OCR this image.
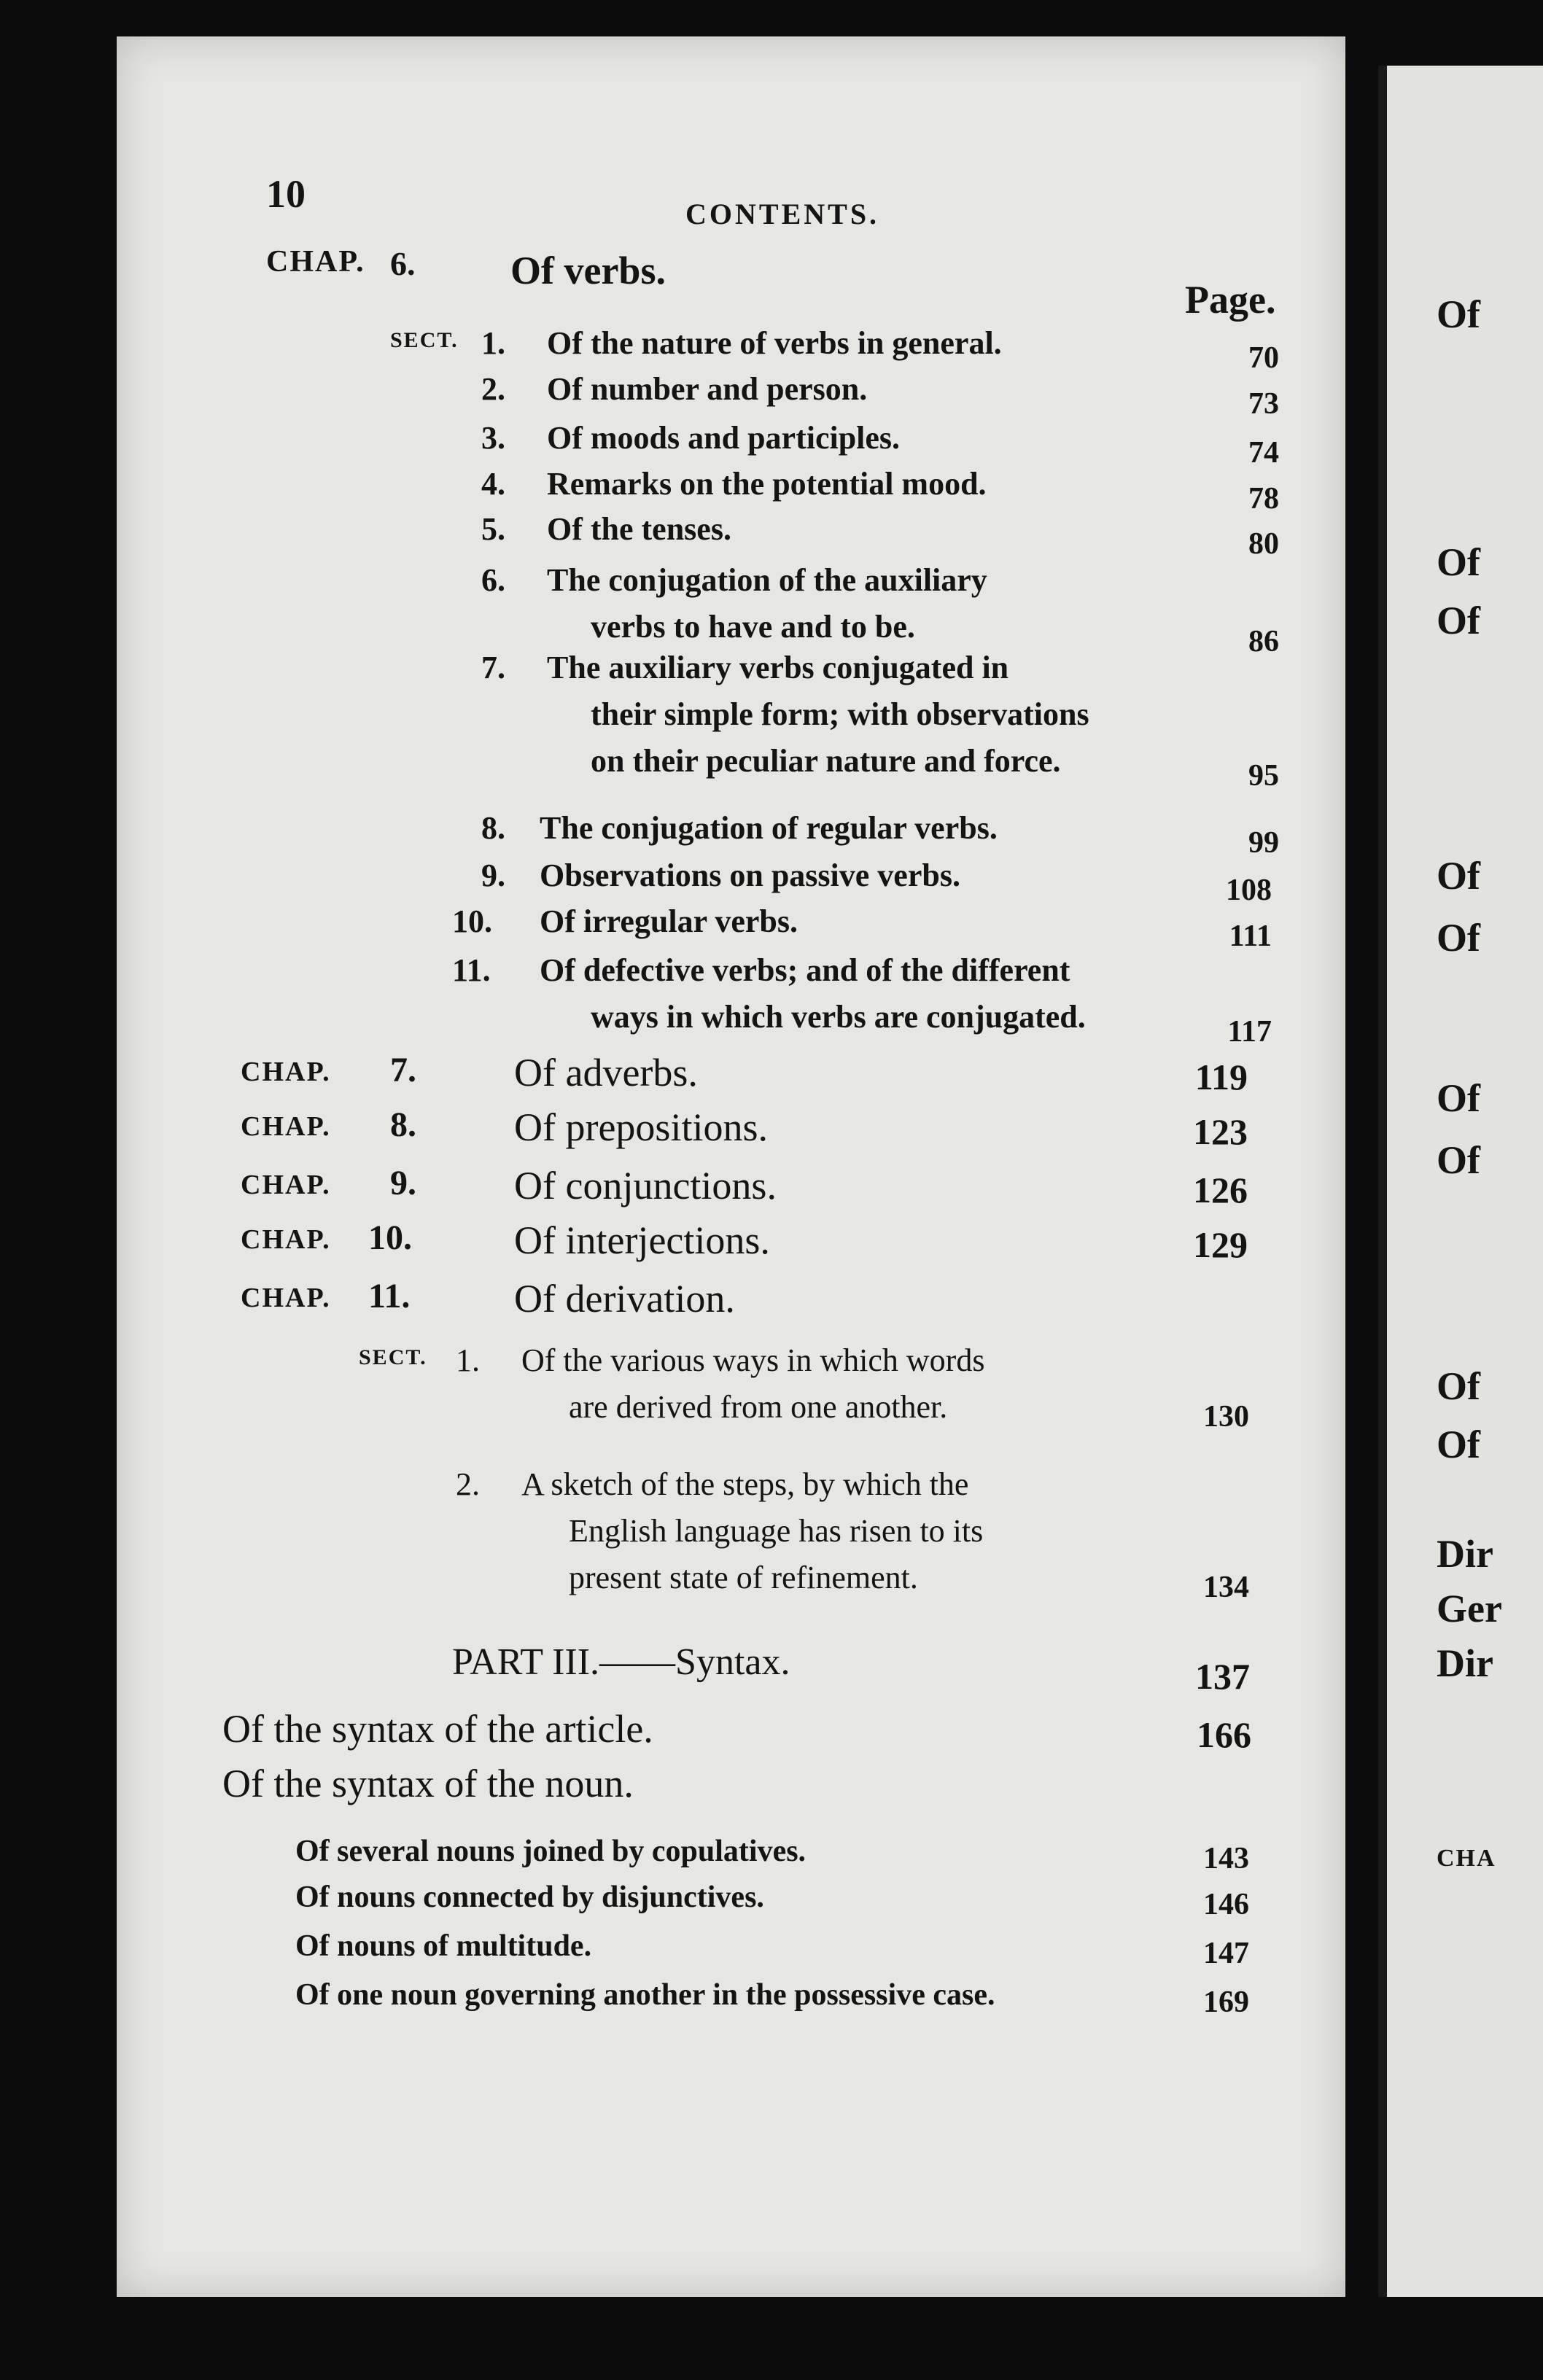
Of
Of
Of
Of
Of
Of
Of
Of
Of
Dir
Ger
Dir
CHA
10	CONTENTS.
CHAP. 6. Of verbs.
Page.
SECT. 1. Of the nature of verbs in general.	70
2. Of number and person.	73
3. Of moods and participles.	74
4. Remarks on the potential mood.	78
5. Of the tenses.	80
6. The conjugation of the auxiliary
verbs to have and to be.	86
7. The auxiliary verbs conjugated in
their simple form; with observations
on their peculiar nature and force.	95
8. The conjugation of regular verbs.	99
9. Observations on passive verbs.	108
10. Of irregular verbs.	111
11. Of defective verbs; and of the different
ways in which verbs are conjugated.	117
CHAP. 7. Of adverbs.	119
CHAP. 8. Of prepositions.	123
CHAP. 9. Of conjunctions.	126
CHAP. 10.	Of interjections.	129
CHAP. 11.	Of derivation.
SECT. 1. Of the various ways in which words
are derived from one another.	130
2. A sketch of the steps, by which the
English language has risen to its
present state of refinement.	134
PART III.——Syntax.	137
Of the syntax of the article.	166
Of the syntax of the noun.
Of several nouns joined by copulatives.	143
Of nouns connected by disjunctives.	146
Of nouns of multitude.	147
Of one noun governing another in the possessive case.	169
